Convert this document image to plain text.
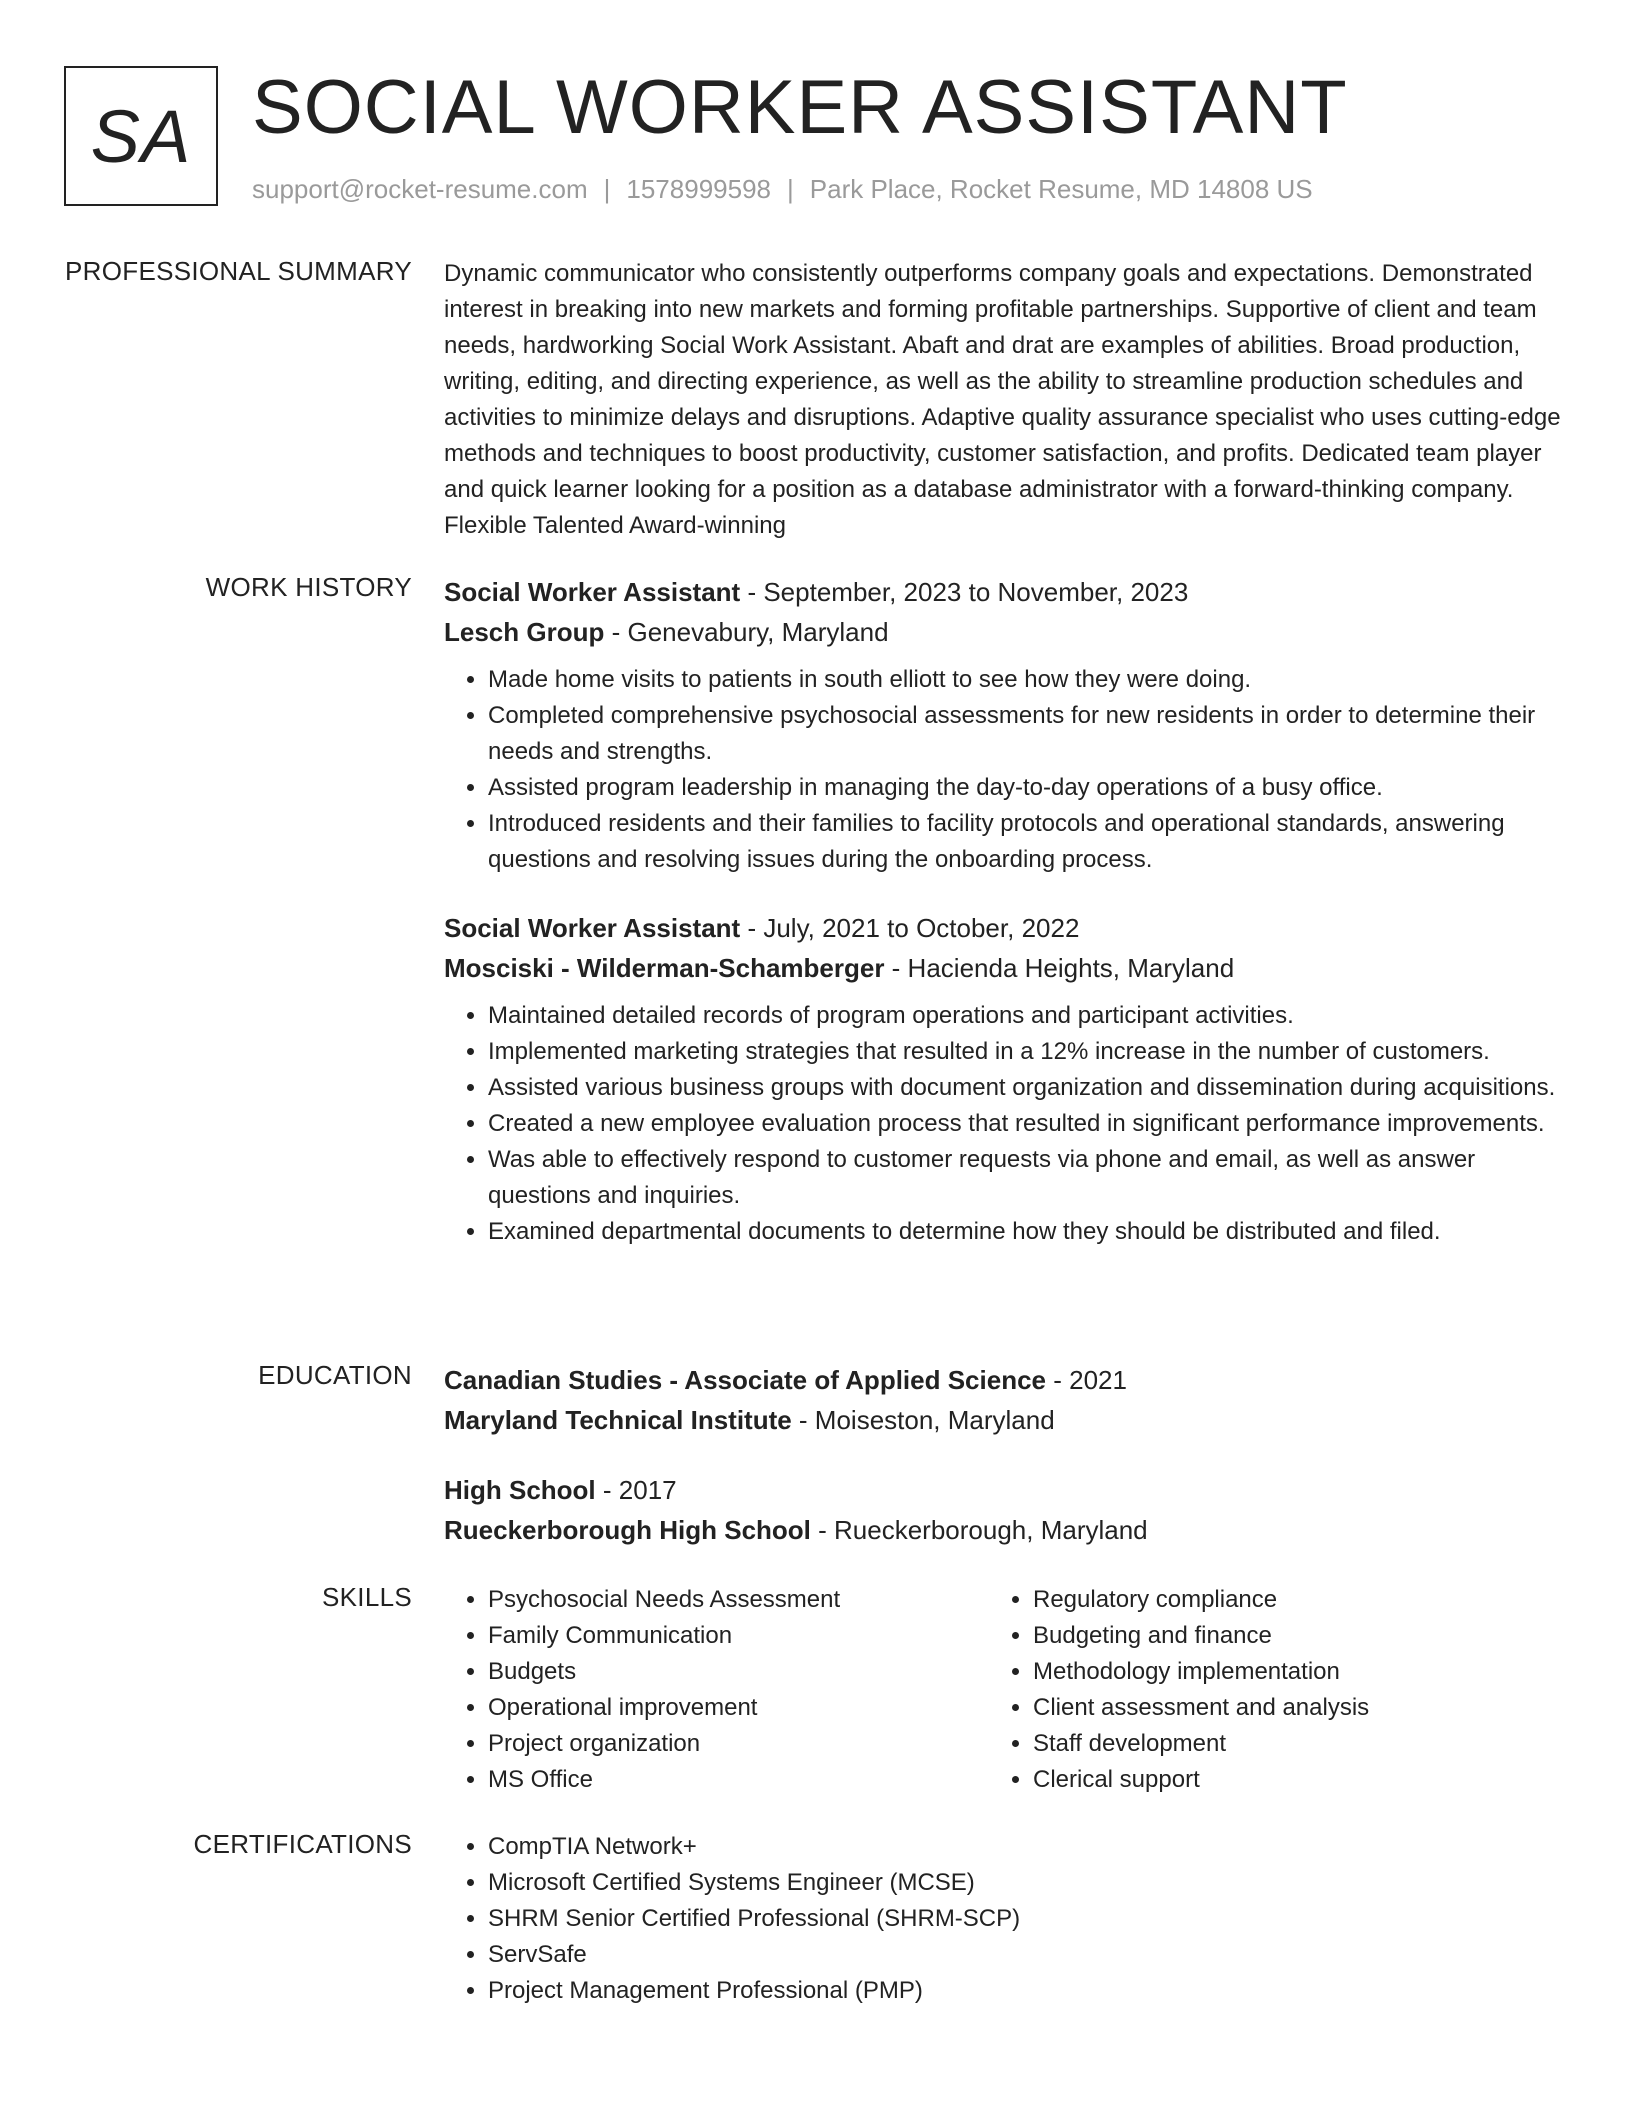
SA SOCIAL WORKER ASSISTANT
support@rocket-resume.com | 1578999598 | Park Place, Rocket Resume, MD 14808 US
PROFESSIONAL SUMMARY Dynamic communicator who consistently outperforms company goals and expectations. Demonstrated interest in breaking into new markets and forming profitable partnerships. Supportive of client and team needs, hardworking Social Work Assistant. Abaft and drat are examples of abilities. Broad production, writing, editing, and directing experience, as well as the ability to streamline production schedules and activities to minimize delays and disruptions. Adaptive quality assurance specialist who uses cutting-edge methods and techniques to boost productivity, customer satisfaction, and profits. Dedicated team player and quick learner looking for a position as a database administrator with a forward-thinking company. Flexible Talented Award-winning

WORK HISTORY Social Worker Assistant - September, 2023 to November, 2023
Lesch Group - Genevabury, Maryland
• Made home visits to patients in south elliott to see how they were doing.
• Completed comprehensive psychosocial assessments for new residents in order to determine their needs and strengths.
• Assisted program leadership in managing the day-to-day operations of a busy office.
• Introduced residents and their families to facility protocols and operational standards, answering questions and resolving issues during the onboarding process.
Social Worker Assistant - July, 2021 to October, 2022
Mosciski - Wilderman-Schamberger - Hacienda Heights, Maryland
• Maintained detailed records of program operations and participant activities.
• Implemented marketing strategies that resulted in a 12% increase in the number of customers.
• Assisted various business groups with document organization and dissemination during acquisitions.
• Created a new employee evaluation process that resulted in significant performance improvements.
• Was able to effectively respond to customer requests via phone and email, as well as answer questions and inquiries.
• Examined departmental documents to determine how they should be distributed and filed.
EDUCATION Canadian Studies - Associate of Applied Science - 2021
Maryland Technical Institute - Moiseston, Maryland
High School - 2017
Rueckerborough High School - Rueckerborough, Maryland
SKILLS	• Psychosocial Needs Assessment
• Family Communication
• Budgets
• Operational improvement
• Project organization
• MS Office
• Regulatory compliance
• Budgeting and finance
• Methodology implementation
• Client assessment and analysis
• Staff development
• Clerical support
CERTIFICATIONS	• CompTIA Network+
• Microsoft Certified Systems Engineer (MCSE)
• SHRM Senior Certified Professional (SHRM-SCP)
• ServSafe
• Project Management Professional (PMP)
